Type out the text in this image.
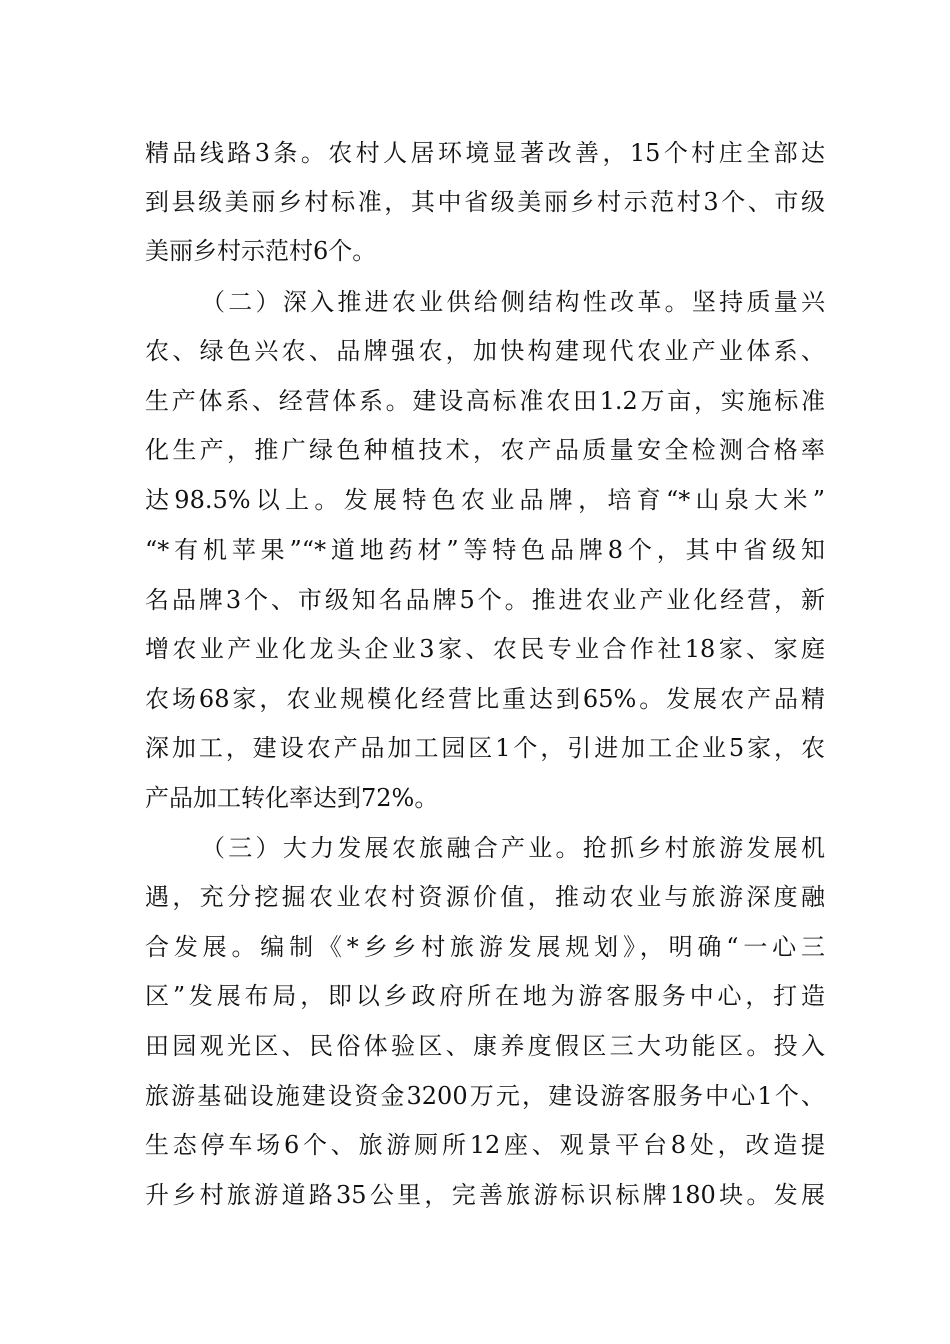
精品线路3条。农村人居环境显著改善，15个村庄全部达

到县级美丽乡村标准，其中省级美丽乡村示范村3个、市级

美丽乡村示范村6个。

（二）深入推进农业供给侧结构性改革。坚持质量兴

农、绿色兴农、品牌强农，加快构建现代农业产业体系、

生产体系、经营体系。建设高标准农田1.2万亩，实施标准

化生产，推广绿色种植技术，农产品质量安全检测合格率

达98.5%以上。发展特色农业品牌，培育“*山泉大米”

“*有机苹果”“*道地药材”等特色品牌8个，其中省级知

名品牌3个、市级知名品牌5个。推进农业产业化经营，新

增农业产业化龙头企业3家、农民专业合作社18家、家庭

农场68家，农业规模化经营比重达到65%。发展农产品精

深加工，建设农产品加工园区1个，引进加工企业5家，农

产品加工转化率达到72%。

（三）大力发展农旅融合产业。抢抓乡村旅游发展机

遇，充分挖掘农业农村资源价值，推动农业与旅游深度融

合发展。编制《*乡乡村旅游发展规划》，明确“一心三

区”发展布局，即以乡政府所在地为游客服务中心，打造

田园观光区、民俗体验区、康养度假区三大功能区。投入

旅游基础设施建设资金3200万元，建设游客服务中心1个、

生态停车场6个、旅游厕所12座、观景平台8处，改造提

升乡村旅游道路35公里，完善旅游标识标牌180块。发展
